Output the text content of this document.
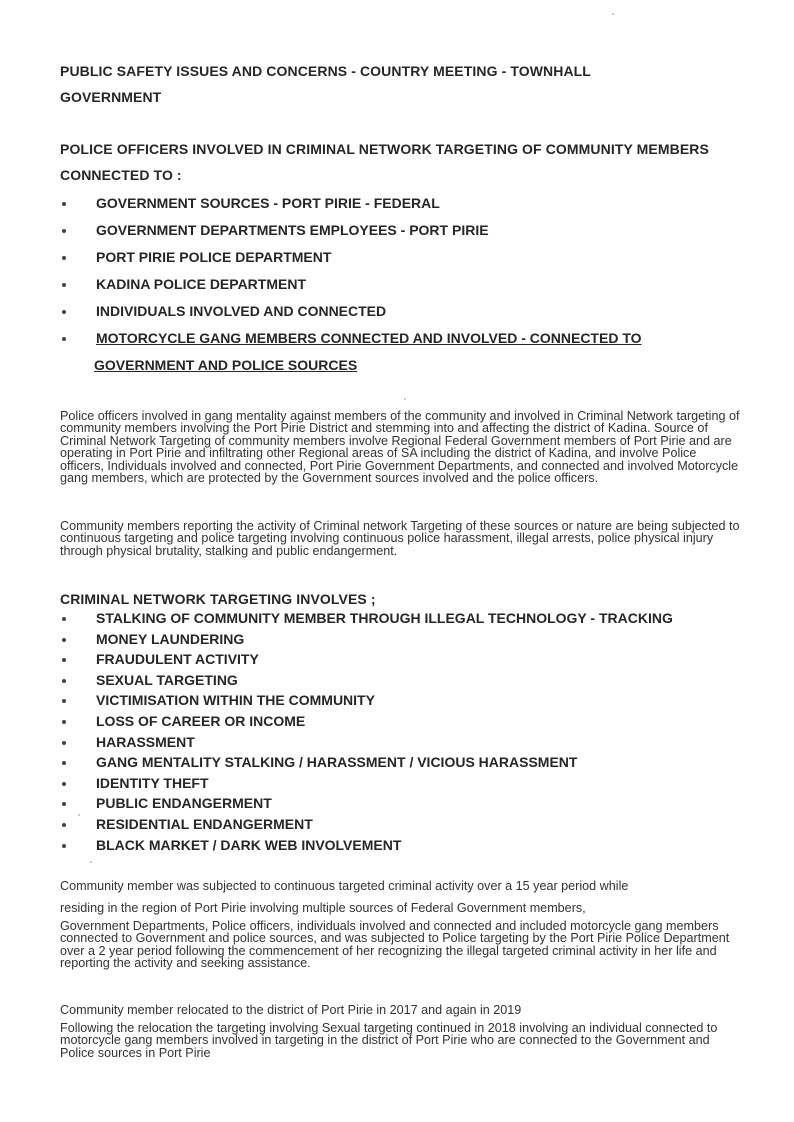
PUBLIC SAFETY ISSUES AND CONCERNS - COUNTRY MEETING - TOWNHALL
GOVERNMENT
POLICE OFFICERS INVOLVED IN CRIMINAL NETWORK TARGETING OF COMMUNITY MEMBERS
CONNECTED TO :
GOVERNMENT SOURCES - PORT PIRIE - FEDERAL
GOVERNMENT DEPARTMENTS EMPLOYEES - PORT PIRIE
PORT PIRIE POLICE DEPARTMENT
KADINA POLICE DEPARTMENT
INDIVIDUALS INVOLVED AND CONNECTED
MOTORCYCLE GANG MEMBERS CONNECTED AND INVOLVED - CONNECTED TO
GOVERNMENT AND POLICE SOURCES

Police officers involved in gang mentality against members of the community and involved in Criminal Network targeting of community members involving the Port Pirie District and stemming into and affecting the district of Kadina. Source of Criminal Network Targeting of community members involve Regional Federal Government members of Port Pirie and are operating in Port Pirie and infiltrating other Regional areas of SA including the district of Kadina, and involve Police officers, Individuals involved and connected, Port Pirie Government Departments, and connected and involved Motorcycle gang members, which are protected by the Government sources involved and the police officers.

Community members reporting the activity of Criminal network Targeting of these sources or nature are being subjected to continuous targeting and police targeting involving continuous police harassment, illegal arrests, police physical injury through physical brutality, stalking and public endangerment.

CRIMINAL NETWORK TARGETING INVOLVES ;
STALKING OF COMMUNITY MEMBER THROUGH ILLEGAL TECHNOLOGY - TRACKING
MONEY LAUNDERING
FRAUDULENT ACTIVITY
SEXUAL TARGETING
VICTIMISATION WITHIN THE COMMUNITY
LOSS OF CAREER OR INCOME
HARASSMENT
GANG MENTALITY STALKING / HARASSMENT / VICIOUS HARASSMENT
IDENTITY THEFT
PUBLIC ENDANGERMENT
RESIDENTIAL ENDANGERMENT
BLACK MARKET / DARK WEB INVOLVEMENT
Community member was subjected to continuous targeted criminal activity over a 15 year period while
residing in the region of Port Pirie involving multiple sources of Federal Government members,

Government Departments, Police officers, individuals involved and connected and included motorcycle gang members connected to Government and police sources, and was subjected to Police targeting by the Port Pirie Police Department over a 2 year period following the commencement of her recognizing the illegal targeted criminal activity in her life and reporting the activity and seeking assistance.

Community member relocated to the district of Port Pirie in 2017 and again in 2019

Following the relocation the targeting involving Sexual targeting continued in 2018 involving an individual connected to motorcycle gang members involved in targeting in the district of Port Pirie who are connected to the Government and Police sources in Port Pirie
